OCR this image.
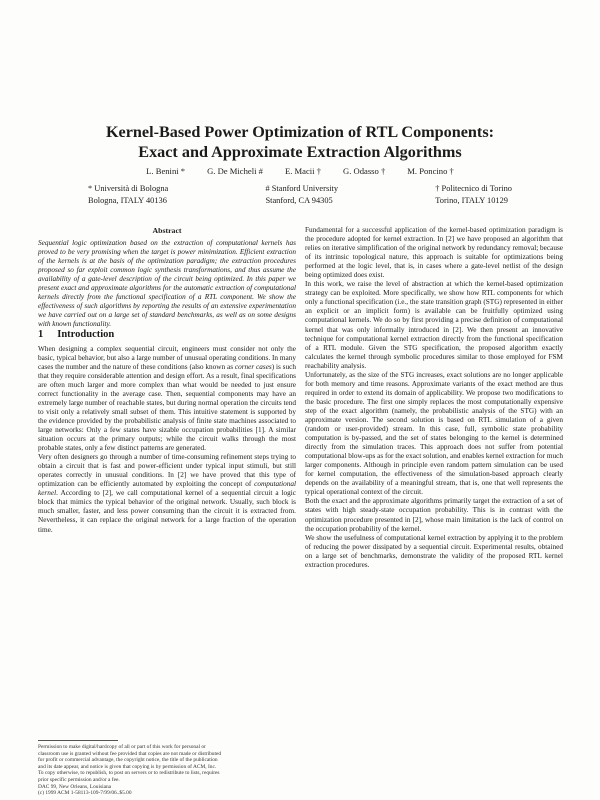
Kernel-Based Power Optimization of RTL Components:
Exact and Approximate Extraction Algorithms
L. Benini *	G. De Micheli #	E. Macii †	G. Odasso †	M. Poncino †
* Università di Bologna
Bologna, ITALY 40136
# Stanford University
Stanford, CA 94305
† Politecnico di Torino
Torino, ITALY 10129
Abstract

Sequential logic optimization based on the extraction of computational kernels has proved to be very promising when the target is power minimization. Efficient extraction of the kernels is at the basis of the optimization paradigm; the extraction procedures proposed so far exploit common logic synthesis transformations, and thus assume the availability of a gate-level description of the circuit being optimized. In this paper we present exact and approximate algorithms for the automatic extraction of computational kernels directly from the functional specification of a RTL component. We show the effectiveness of such algorithms by reporting the results of an extensive experimentation we have carried out on a large set of standard benchmarks, as well as on some designs with known functionality.

1 Introduction

When designing a complex sequential circuit, engineers must consider not only the basic, typical behavior, but also a large number of unusual operating conditions. In many cases the number and the nature of these conditions (also known as corner cases) is such that they require considerable attention and design effort. As a result, final specifications are often much larger and more complex than what would be needed to just ensure correct functionality in the average case. Then, sequential components may have an extremely large number of reachable states, but during normal operation the circuits tend to visit only a relatively small subset of them. This intuitive statement is supported by the evidence provided by the probabilistic analysis of finite state machines associated to large networks: Only a few states have sizable occupation probabilities [1]. A similar situation occurs at the primary outputs; while the circuit walks through the most probable states, only a few distinct patterns are generated.

Very often designers go through a number of time-consuming refinement steps trying to obtain a circuit that is fast and power-efficient under typical input stimuli, but still operates correctly in unusual conditions. In [2] we have proved that this type of optimization can be efficiently automated by exploiting the concept of computational kernel. According to [2], we call computational kernel of a sequential circuit a logic block that mimics the typical behavior of the original network. Usually, such block is much smaller, faster, and less power consuming than the circuit it is extracted from. Nevertheless, it can replace the original network for a large fraction of the operation time.

Fundamental for a successful application of the kernel-based optimization paradigm is the procedure adopted for kernel extraction. In [2] we have proposed an algorithm that relies on iterative simplification of the original network by redundancy removal; because of its intrinsic topological nature, this approach is suitable for optimizations being performed at the logic level, that is, in cases where a gate-level netlist of the design being optimized does exist.

In this work, we raise the level of abstraction at which the kernel-based optimization strategy can be exploited. More specifically, we show how RTL components for which only a functional specification (i.e., the state transition graph (STG) represented in either an explicit or an implicit form) is available can be fruitfully optimized using computational kernels. We do so by first providing a precise definition of computational kernel that was only informally introduced in [2]. We then present an innovative technique for computational kernel extraction directly from the functional specification of a RTL module. Given the STG specification, the proposed algorithm exactly calculates the kernel through symbolic procedures similar to those employed for FSM reachability analysis.

Unfortunately, as the size of the STG increases, exact solutions are no longer applicable for both memory and time reasons. Approximate variants of the exact method are thus required in order to extend its domain of applicability. We propose two modifications to the basic procedure. The first one simply replaces the most computationally expensive step of the exact algorithm (namely, the probabilistic analysis of the STG) with an approximate version. The second solution is based on RTL simulation of a given (random or user-provided) stream. In this case, full, symbolic state probability computation is by-passed, and the set of states belonging to the kernel is determined directly from the simulation traces. This approach does not suffer from potential computational blow-ups as for the exact solution, and enables kernel extraction for much larger components. Although in principle even random pattern simulation can be used for kernel computation, the effectiveness of the simulation-based approach clearly depends on the availability of a meaningful stream, that is, one that well represents the typical operational context of the circuit.

Both the exact and the approximate algorithms primarily target the extraction of a set of states with high steady-state occupation probability. This is in contrast with the optimization procedure presented in [2], whose main limitation is the lack of control on the occupation probability of the kernel.

We show the usefulness of computational kernel extraction by applying it to the problem of reducing the power dissipated by a sequential circuit. Experimental results, obtained on a large set of benchmarks, demonstrate the validity of the proposed RTL kernel extraction procedures.

Permission to make digital/hardcopy of all or part of this work for personal or
classroom use is granted without fee provided that copies are not made or distributed
for profit or commercial advantage, the copyright notice, the title of the publication
and its date appear, and notice is given that copying is by permission of ACM, Inc.
To copy otherwise, to republish, to post on servers or to redistribute to lists, requires
prior specific permission and/or a fee.
DAC 99, New Orleans, Louisiana
(c) 1999 ACM 1-58113-109-7/99/06..$5.00
